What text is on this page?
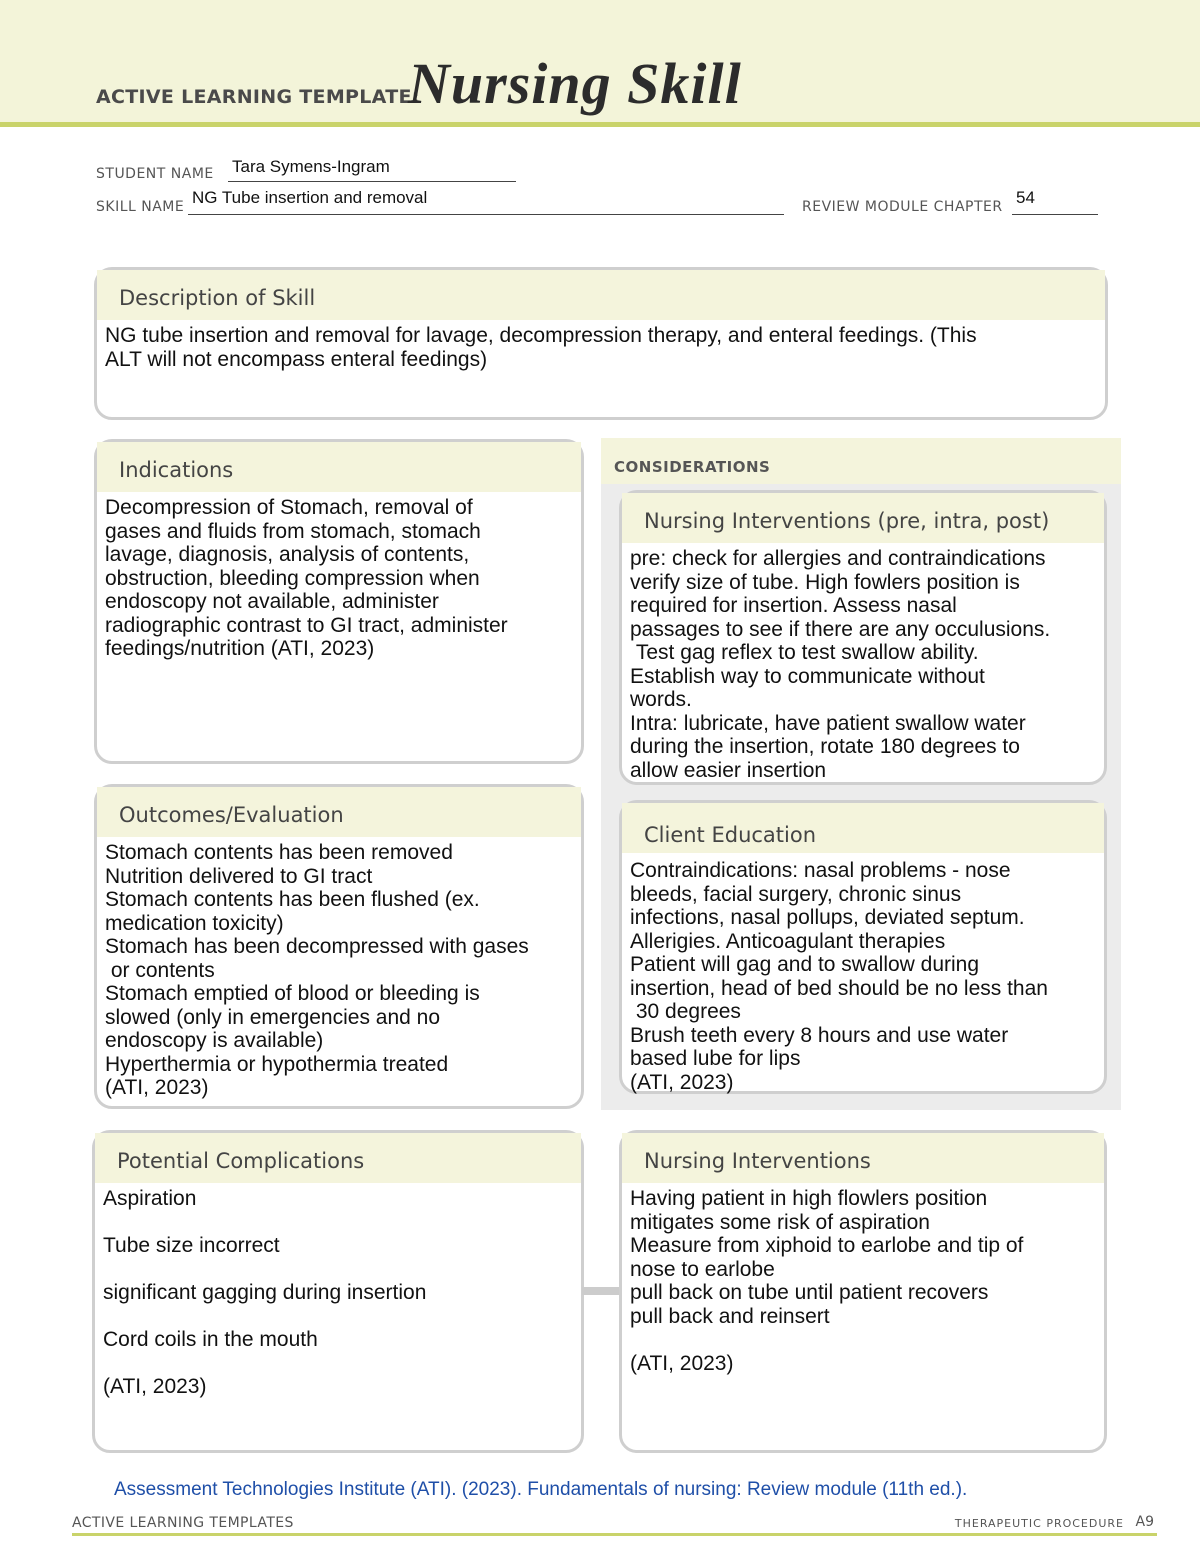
ACTIVE LEARNING TEMPLATE:
Nursing Skill
STUDENT NAME Tara Symens-Ingram
SKILL NAME NG Tube insertion and removal	REVIEW MODULE CHAPTER 54
Description of Skill
NG tube insertion and removal for lavage, decompression therapy, and enteral feedings. (This
ALT will not encompass enteral feedings)
Indications
Decompression of Stomach, removal of
gases and fluids from stomach, stomach
lavage, diagnosis, analysis of contents,
obstruction, bleeding compression when
endoscopy not available, administer
radiographic contrast to GI tract, administer
feedings/nutrition (ATI, 2023)
CONSIDERATIONS
Nursing Interventions (pre, intra, post)
pre: check for allergies and contraindications
verify size of tube. High fowlers position is
required for insertion. Assess nasal
passages to see if there are any occulusions.
Test gag reflex to test swallow ability.
Establish way to communicate without
words.
Intra: lubricate, have patient swallow water
during the insertion, rotate 180 degrees to
allow easier insertion
Client Education
Contraindications: nasal problems - nose
bleeds, facial surgery, chronic sinus
infections, nasal pollups, deviated septum.
Allerigies. Anticoagulant therapies
Patient will gag and to swallow during
insertion, head of bed should be no less than
30 degrees
Brush teeth every 8 hours and use water
based lube for lips
(ATI, 2023)
Outcomes/Evaluation
Stomach contents has been removed
Nutrition delivered to GI tract
Stomach contents has been flushed (ex.
medication toxicity)
Stomach has been decompressed with gases
or contents
Stomach emptied of blood or bleeding is
slowed (only in emergencies and no
endoscopy is available)
Hyperthermia or hypothermia treated
(ATI, 2023)
Potential Complications
Aspiration

Tube size incorrect

significant gagging during insertion

Cord coils in the mouth

(ATI, 2023)
Nursing Interventions
Having patient in high flowlers position
mitigates some risk of aspiration
Measure from xiphoid to earlobe and tip of
nose to earlobe
pull back on tube until patient recovers
pull back and reinsert

(ATI, 2023)
Assessment Technologies Institute (ATI). (2023). Fundamentals of nursing: Review module (11th ed.).
ACTIVE LEARNING TEMPLATES	THERAPEUTIC PROCEDURE A9
